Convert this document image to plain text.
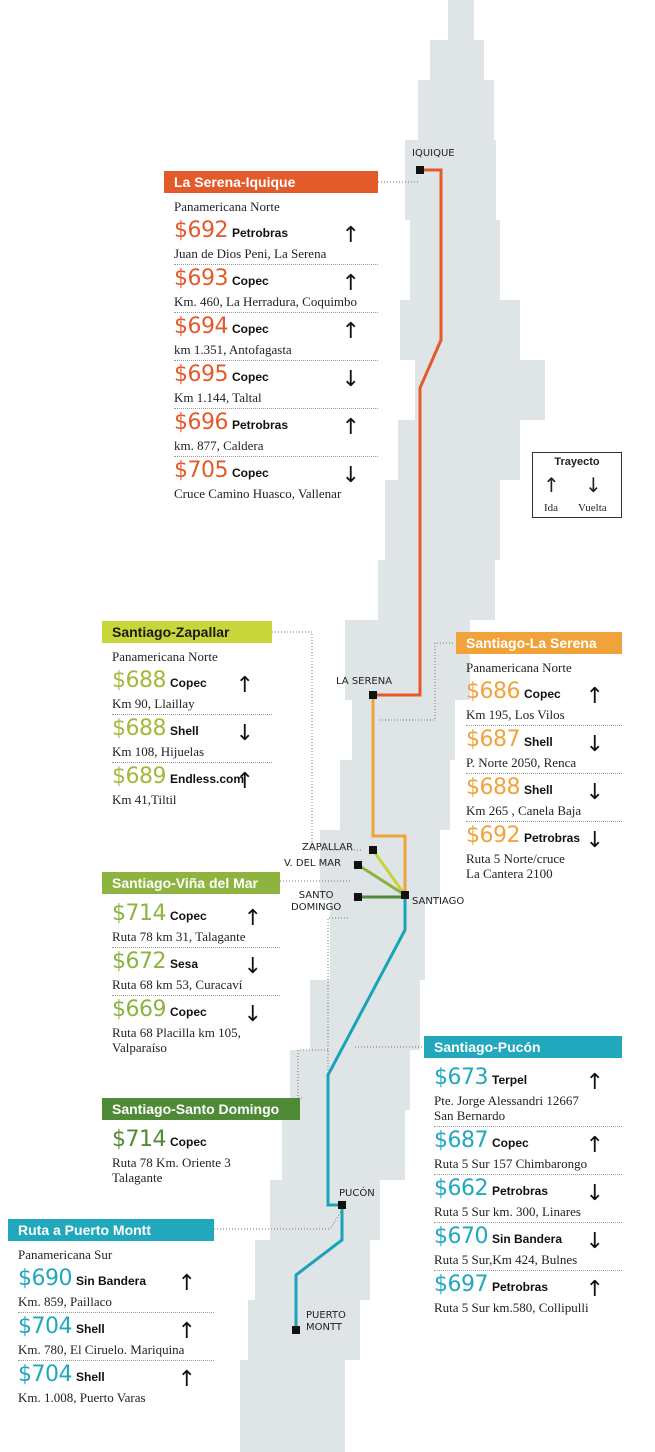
IQUIQUE
LA SERENA
ZAPALLAR
V. DEL MAR
SANTO
DOMINGO
SANTIAGO
PUCÓN
PUERTO
MONTT
Trayecto
↑ ↓
Ida Vuelta
La Serena-Iquique
Panamericana Norte
$692 Petrobras
Juan de Dios Peni, La Serena
↑
$693 Copec
Km. 460, La Herradura, Coquimbo
↑
$694 Copec
km 1.351, Antofagasta
↑
$695 Copec
Km 1.144, Taltal
↓
$696 Petrobras
km. 877, Caldera
↑
$705 Copec
Cruce Camino Huasco, Vallenar
↓
Santiago-Zapallar
Panamericana Norte
$688 Copec
Km 90, Llaillay
↑
$688 Shell
Km 108, Hijuelas
↓
$689 Endless.com
Km 41,Tiltil
↑
Santiago-La Serena
Panamericana Norte
$686 Copec
Km 195, Los Vilos
↑
$687 Shell
P. Norte 2050, Renca
↓
$688 Shell
Km 265 , Canela Baja
↓
$692 Petrobras
Ruta 5 Norte/cruce
La Cantera 2100
↓
Santiago-Viña del Mar
$714 Copec
Ruta 78 km 31, Talagante
↑
$672 Sesa
Ruta 68 km 53, Curacaví
↓
$669 Copec
Ruta 68 Placilla km 105,
Valparaíso
↓
Santiago-Santo Domingo
$714 Copec
Ruta 78 Km. Oriente 3
Talagante
Santiago-Pucón
$673 Terpel
Pte. Jorge Alessandri 12667
San Bernardo
↑
$687 Copec
Ruta 5 Sur 157 Chimbarongo
↑
$662 Petrobras
Ruta 5 Sur km. 300, Linares
↓
$670 Sin Bandera
Ruta 5 Sur,Km 424, Bulnes
↓
$697 Petrobras
Ruta 5 Sur km.580, Collipulli
↑
Ruta a Puerto Montt
Panamericana Sur
$690 Sin Bandera
Km. 859, Paillaco
↑
$704 Shell
Km. 780, El Ciruelo. Mariquina
↑
$704 Shell
Km. 1.008, Puerto Varas
↑
